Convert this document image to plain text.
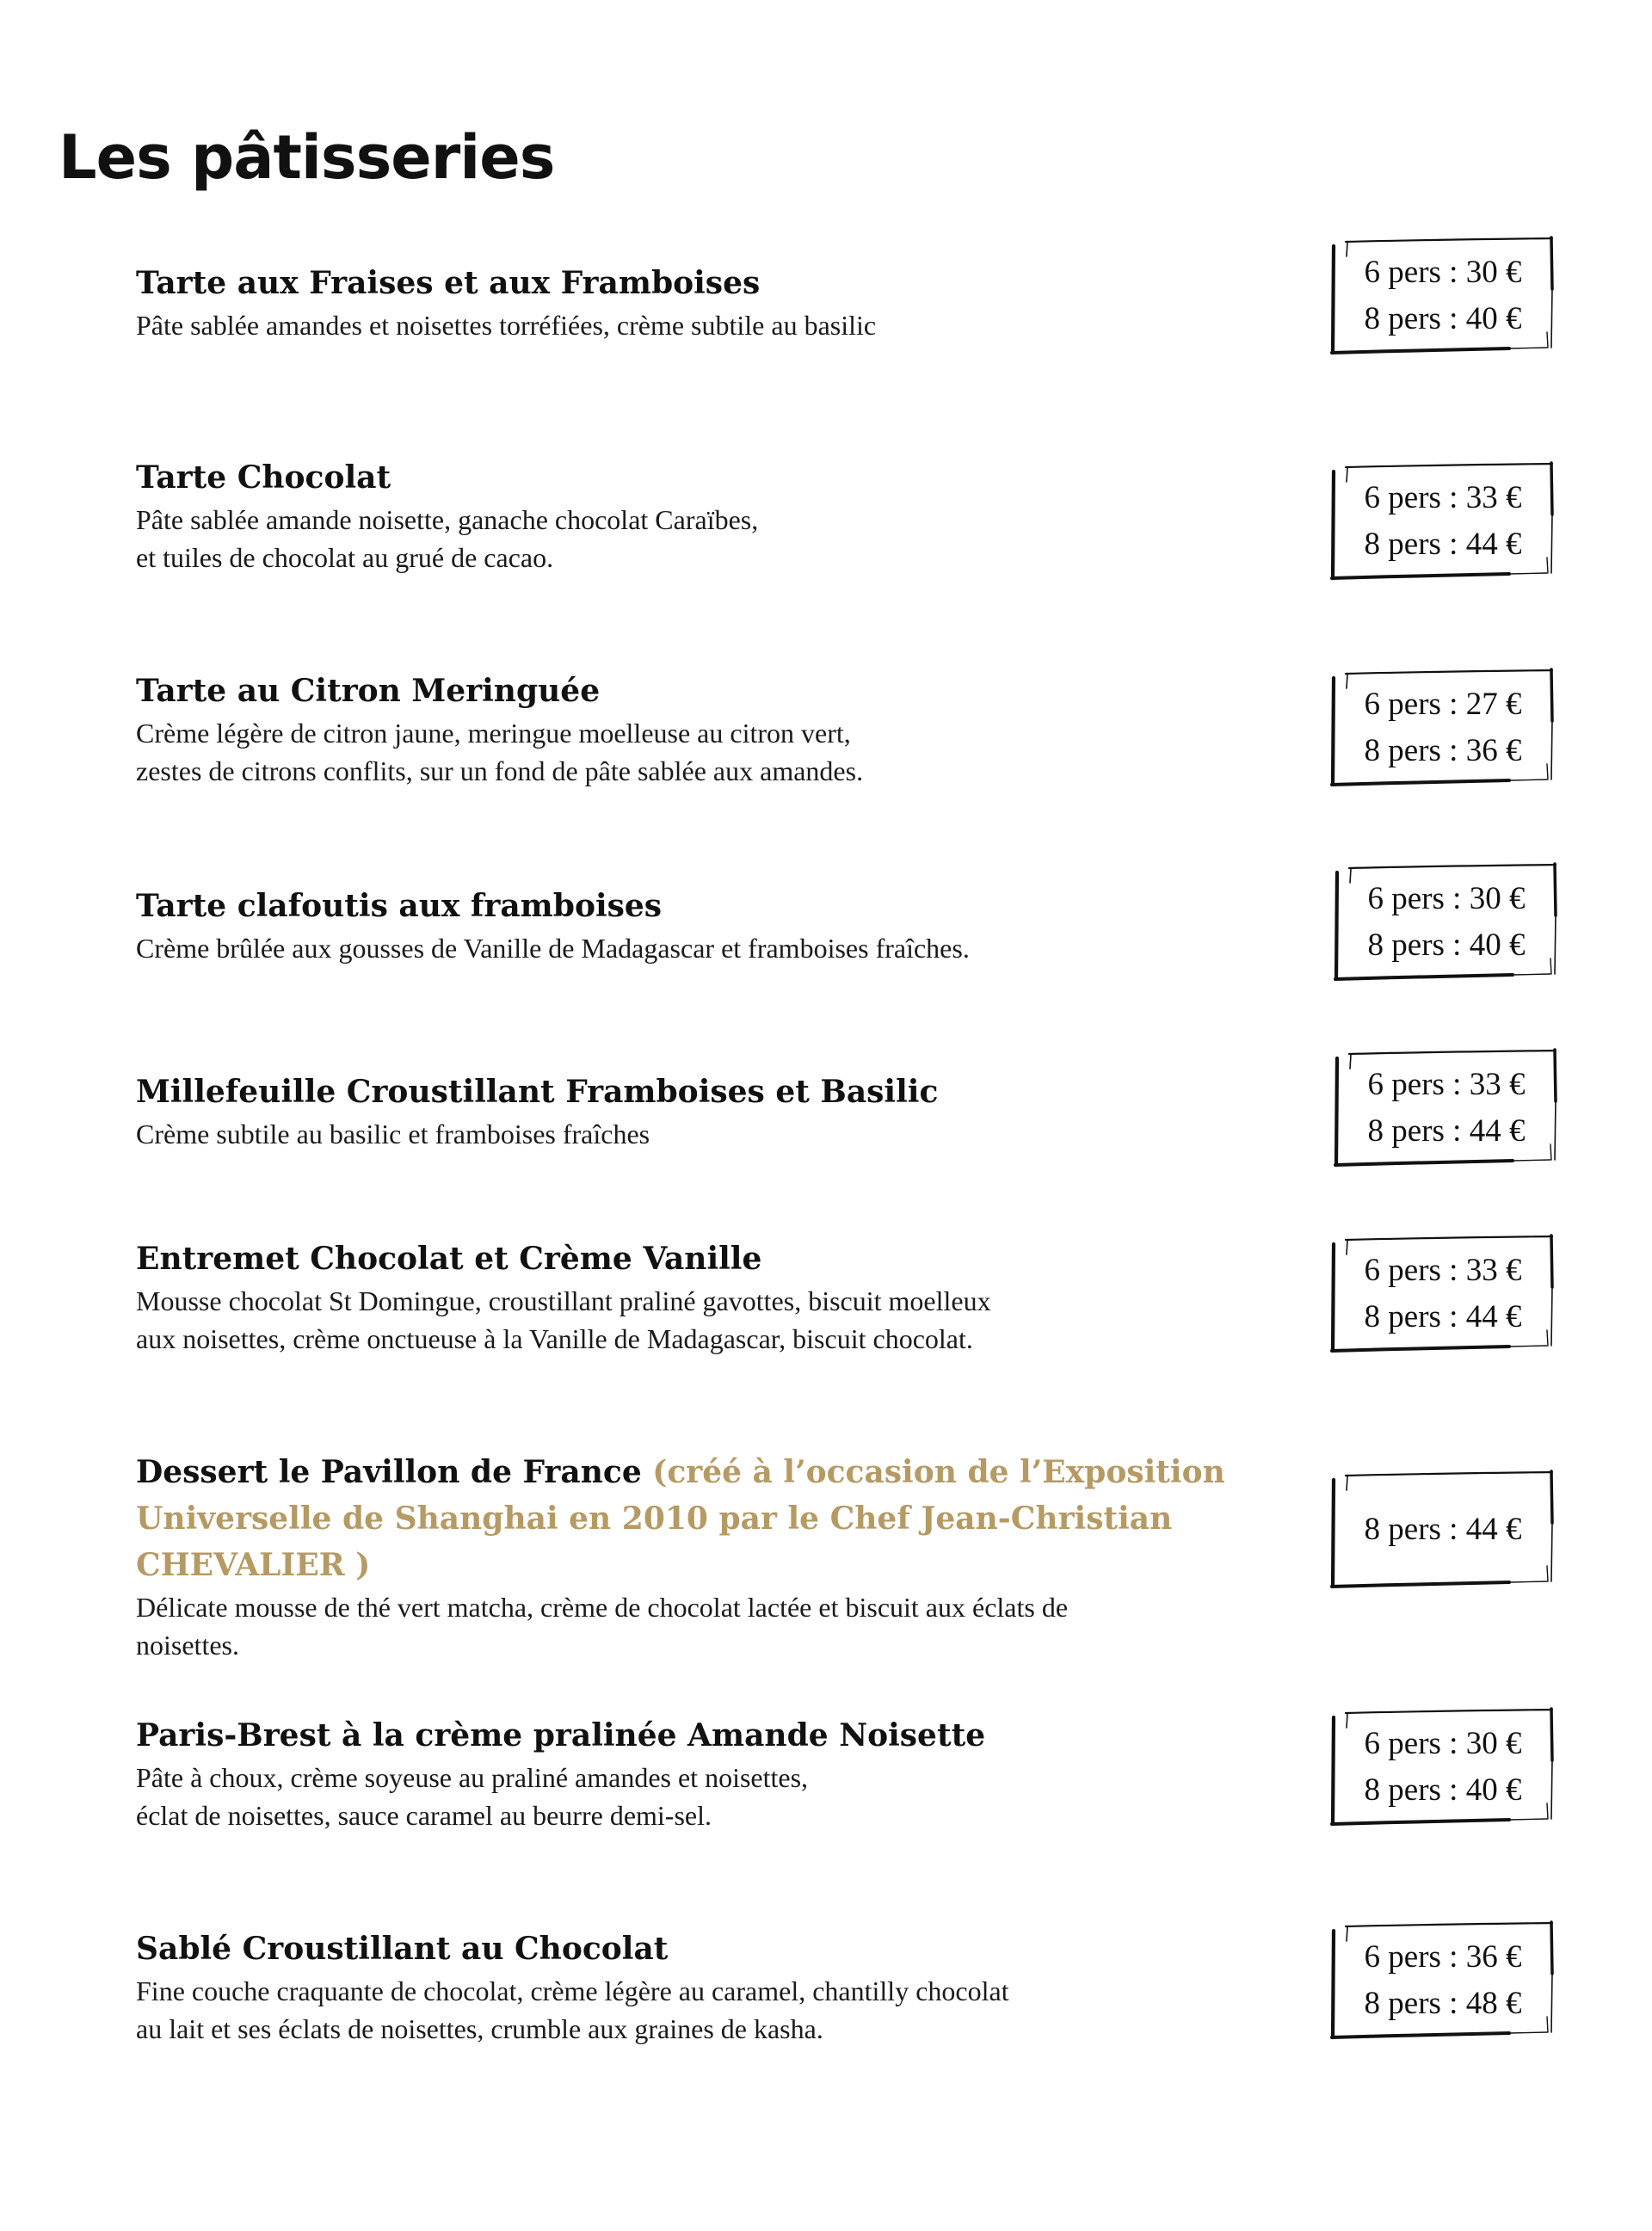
Les pâtisseries
Tarte aux Fraises et aux Framboises
Pâte sablée amandes et noisettes torréfiées, crème subtile au basilic
6 pers : 30 €
8 pers : 40 €
Tarte Chocolat
Pâte sablée amande noisette, ganache chocolat Caraïbes,
et tuiles de chocolat au grué de cacao.
6 pers : 33 €
8 pers : 44 €
Tarte au Citron Meringuée
Crème légère de citron jaune, meringue moelleuse au citron vert,
zestes de citrons conflits, sur un fond de pâte sablée aux amandes.
6 pers : 27 €
8 pers : 36 €
Tarte clafoutis aux framboises
Crème brûlée aux gousses de Vanille de Madagascar et framboises fraîches.
6 pers : 30 €
8 pers : 40 €
Millefeuille Croustillant Framboises et Basilic
Crème subtile au basilic et framboises fraîches
6 pers : 33 €
8 pers : 44 €
Entremet Chocolat et Crème Vanille
Mousse chocolat St Domingue, croustillant praliné gavottes, biscuit moelleux
aux noisettes, crème onctueuse à la Vanille de Madagascar, biscuit chocolat.
6 pers : 33 €
8 pers : 44 €
Dessert le Pavillon de France (créé à l’occasion de l’Exposition Universelle de Shanghai en 2010 par le Chef Jean-Christian CHEVALIER )
Délicate mousse de thé vert matcha, crème de chocolat lactée et biscuit aux éclats de
noisettes.
8 pers : 44 €
Paris-Brest à la crème pralinée Amande Noisette
Pâte à choux, crème soyeuse au praliné amandes et noisettes,
éclat de noisettes, sauce caramel au beurre demi-sel.
6 pers : 30 €
8 pers : 40 €
Sablé Croustillant au Chocolat
Fine couche craquante de chocolat, crème légère au caramel, chantilly chocolat
au lait et ses éclats de noisettes, crumble aux graines de kasha.
6 pers : 36 €
8 pers : 48 €
